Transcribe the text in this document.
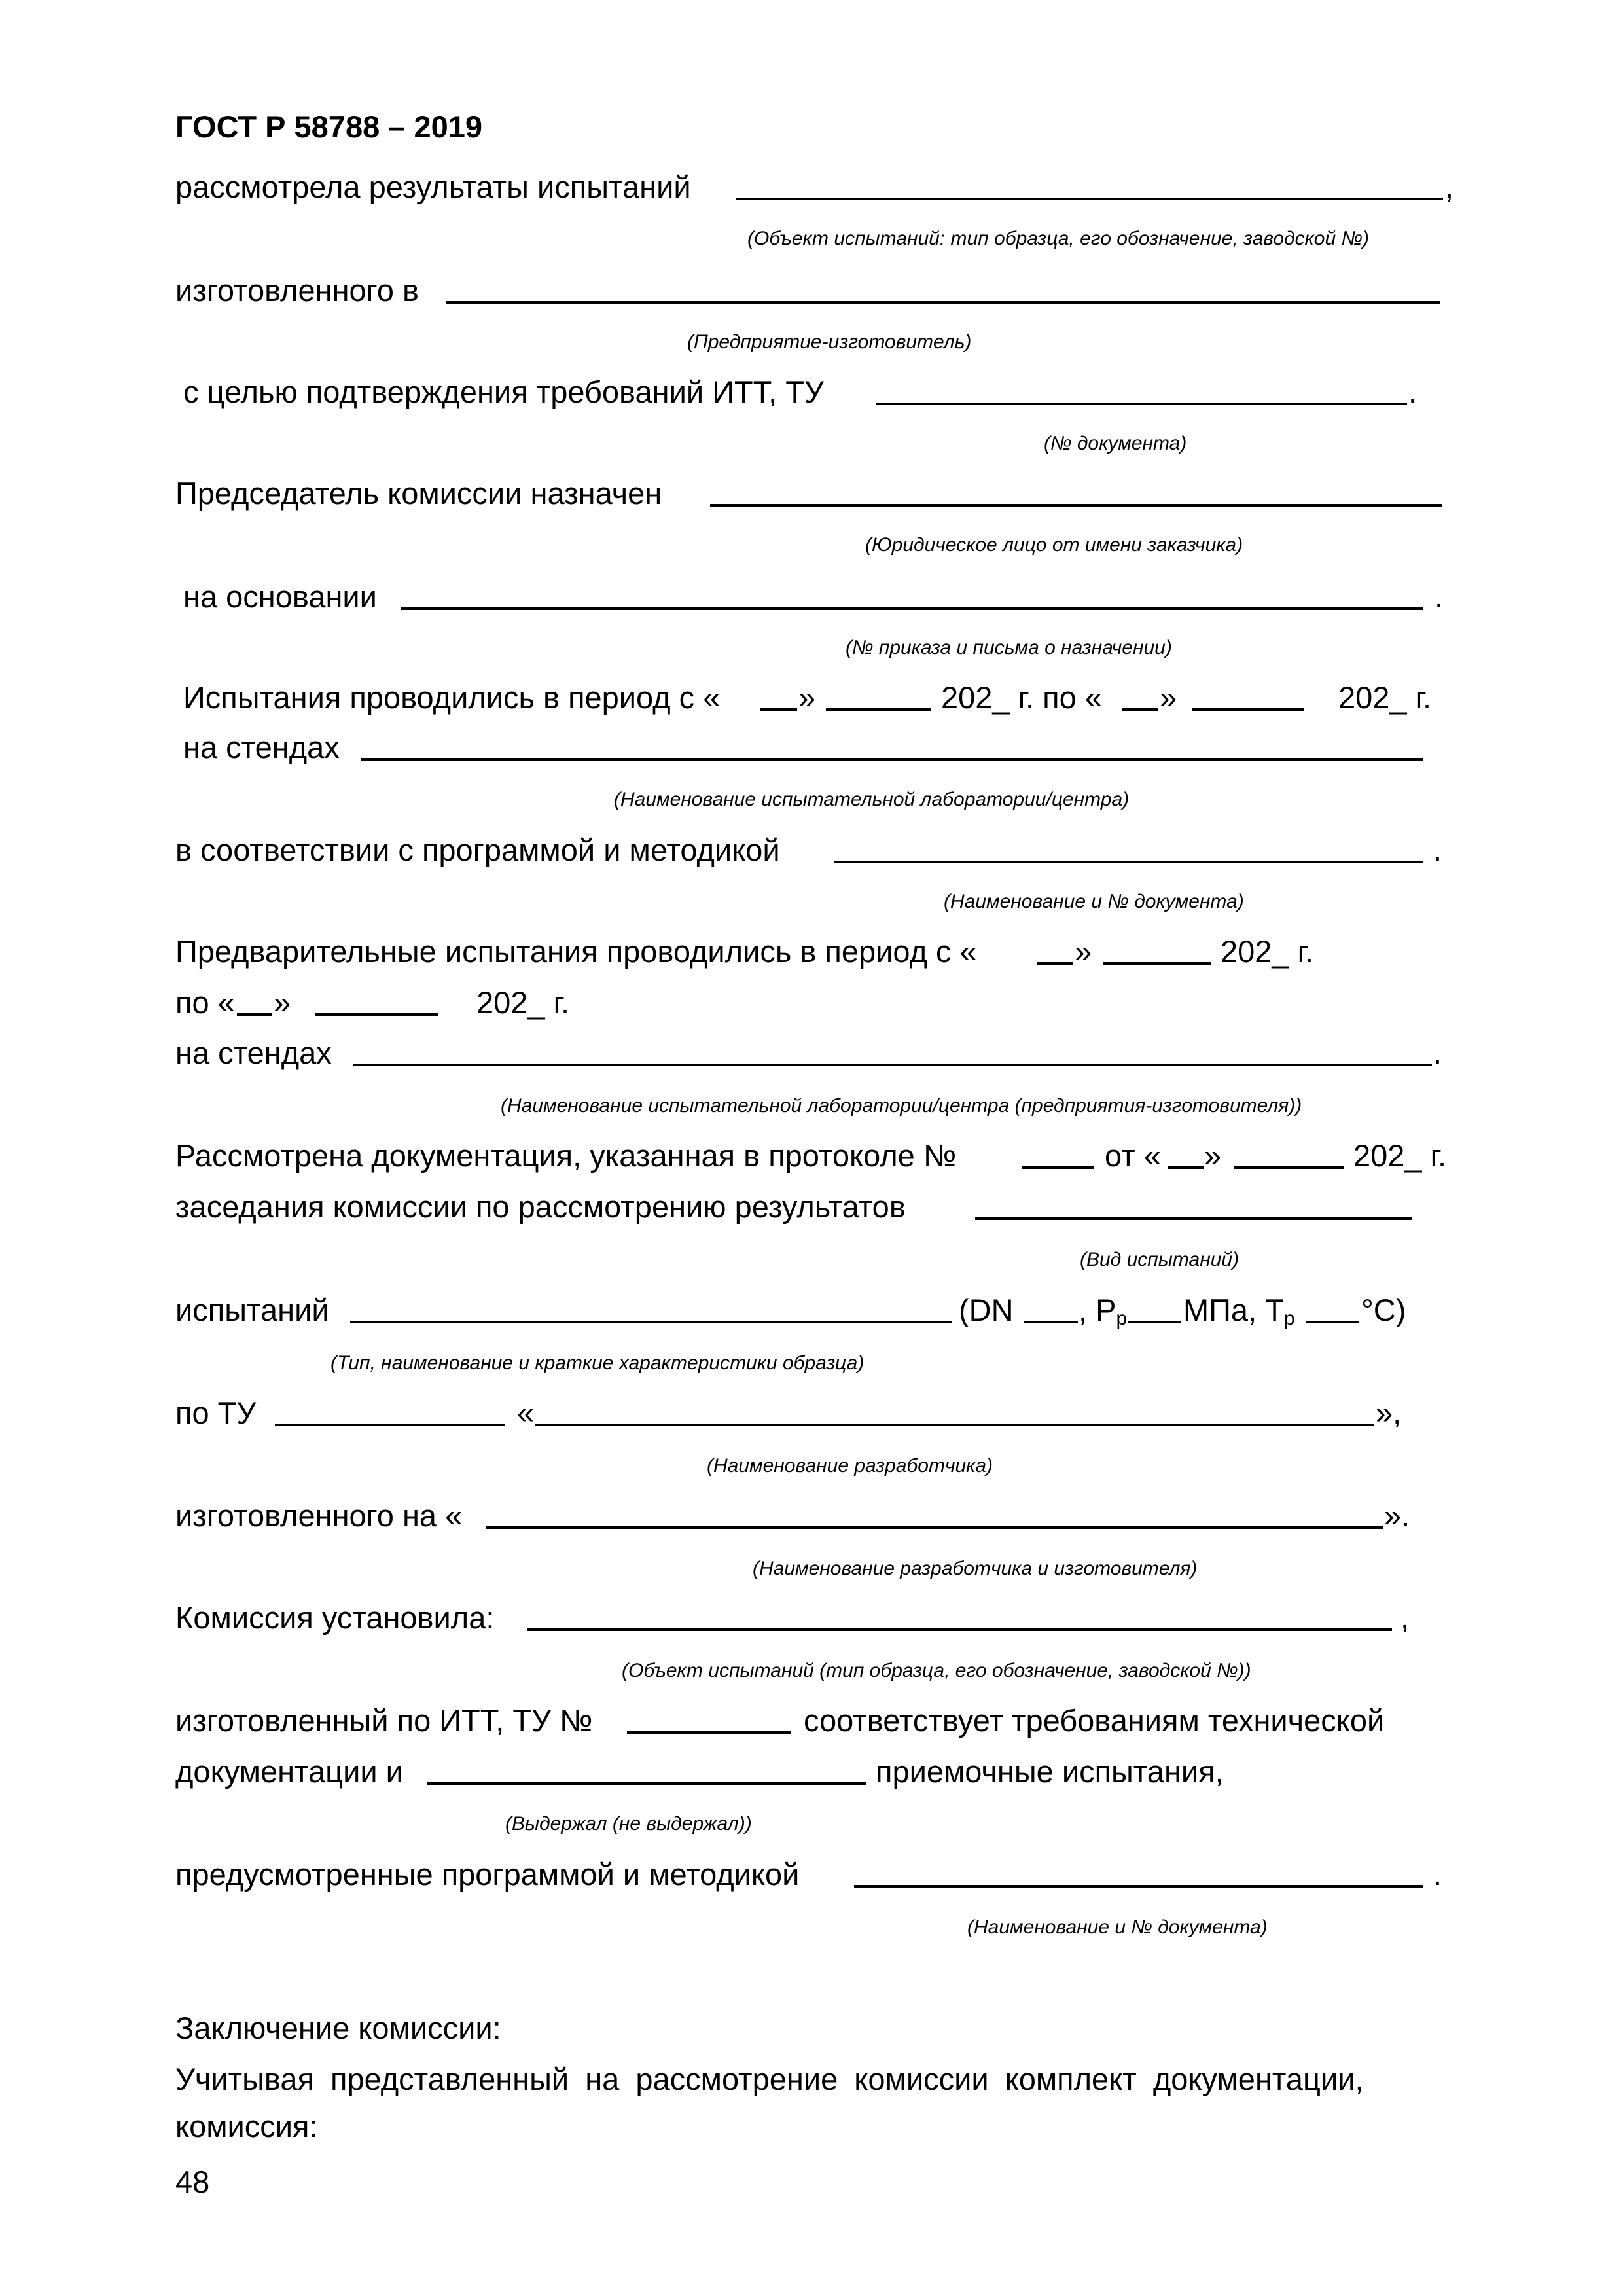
ГОСТ Р 58788 – 2019
рассмотрела результаты испытаний	,
(Объект испытаний: тип образца, его обозначение, заводской №)
изготовленного в
(Предприятие-изготовитель)
с целью подтверждения требований ИТТ, ТУ	.
(№ документа)
Председатель комиссии назначен
(Юридическое лицо от имени заказчика)
на основании	.
(№ приказа и письма о назначении)
Испытания проводились в период с «	»	202_ г. по « »	202_ г.
на стендах
(Наименование испытательной лаборатории/центра)
в соответствии с программой и методикой	.
(Наименование и № документа)
Предварительные испытания проводились в период с «	»	202_ г.
по « »	202_ г.
на стендах	.
(Наименование испытательной лаборатории/центра (предприятия-изготовителя))
Рассмотрена документация, указанная в протоколе №	от « »	202_ г.
заседания комиссии по рассмотрению результатов
(Вид испытаний)
испытаний	(DN , $P_р$ МПа, $T_р$ °C)
(Тип, наименование и краткие характеристики образца)
по ТУ	«	»,
(Наименование разработчика)
изготовленного на «	».
(Наименование разработчика и изготовителя)
Комиссия установила:	,
(Объект испытаний (тип образца, его обозначение, заводской №))
изготовленный по ИТТ, ТУ №	соответствует требованиям технической
документации и	приемочные испытания,
(Выдержал (не выдержал))
предусмотренные программой и методикой	.
(Наименование и № документа)
Заключение комиссии:
Учитывая представленный на рассмотрение комиссии комплект документации,
комиссия:
48
